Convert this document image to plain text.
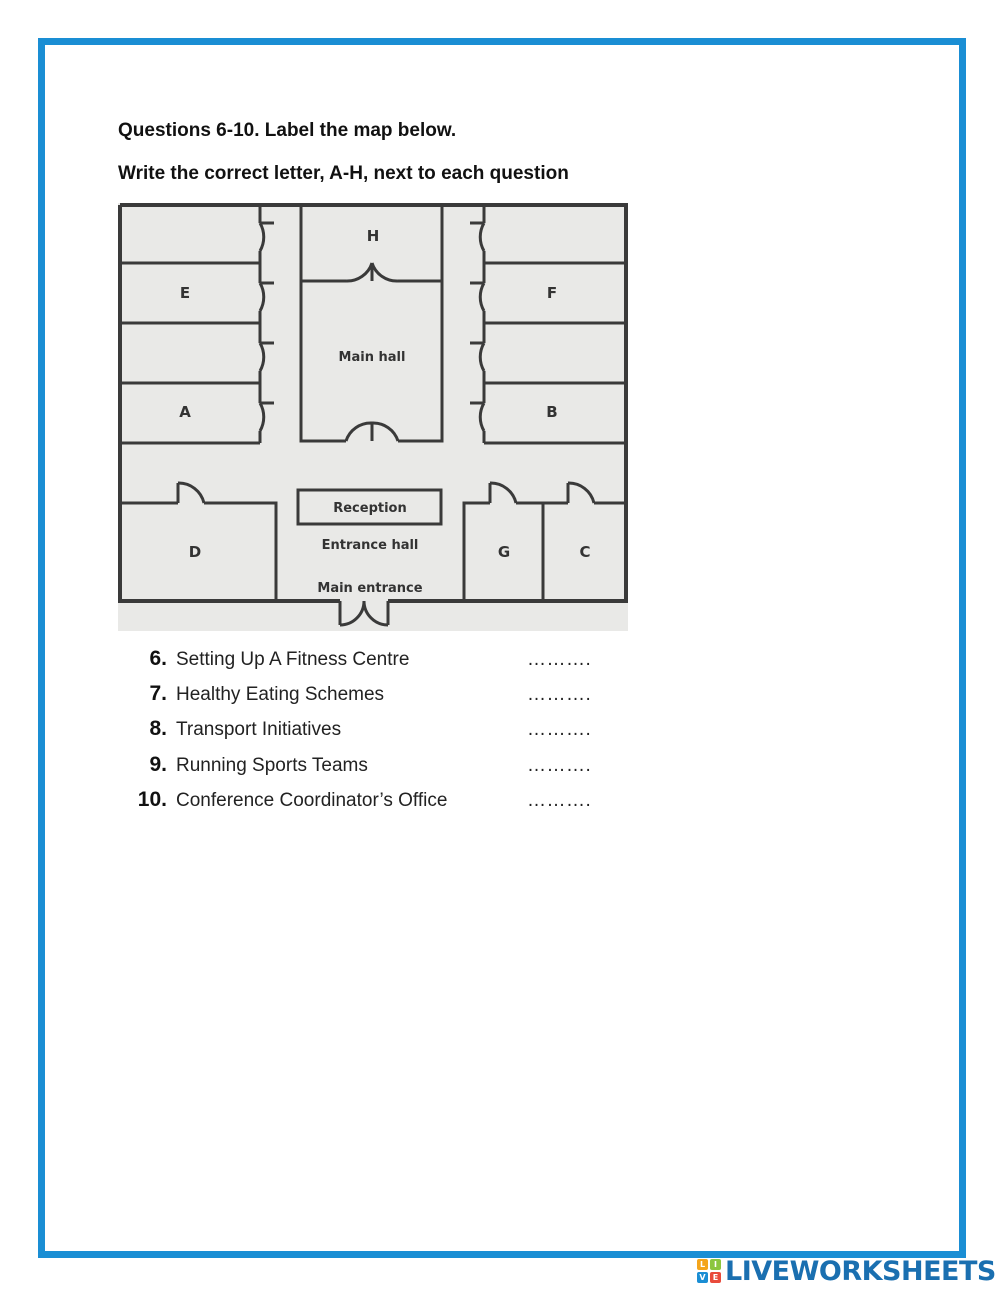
Questions 6-10. Label the map below.
Write the correct letter, A-H, next to each question
H
E	F
A	B
D	G	C
Main hall
Reception
Entrance hall
Main entrance
6. Setting Up A Fitness Centre	……….
7. Healthy Eating Schemes	……….
8. Transport Initiatives	……….
9. Running Sports Teams	……….
10. Conference Coordinator’s Office	……….
L	I
V E LIVEWORKSHEETS
